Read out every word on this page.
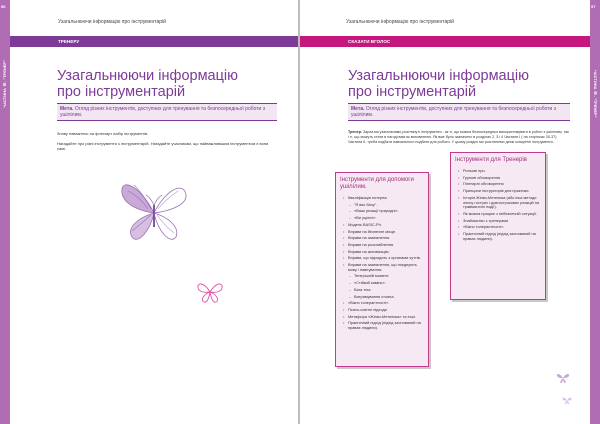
96
ЧАСТИНА Ⅲ. "ТРЕНЕР"
Узагальнюючи інформацію про інструментарій
ТРЕНЕРУ
Узагальнюючи інформацію
про інструментарій
Мета. Огляд різних інструментів, доступних для тренування та безпосередньої роботи з ушілілим.
Знову наважтесь на фліпчарт набір інструментів.
Нагадайте про різні інструменти з інструментарій. Нагадайте учасникам, що найважливішим інструментом є вони самі.
97
ЧАСТИНА Ⅲ. "ТРЕНЕР"
Узагальнюючи інформацію про інструментарій
СКАЗАТИ ВГОЛОС
Узагальнюючи інформацію
про інструментарій
Мета. Огляд різних інструментів, доступних для тренування та безпосередньої роботи з ушілілим.
Тренер. Зараз ми узагальнимо розглянуті інструменти - як ті, що можна безпосередньо використовувати в роботі з ушілілим, так і ті, що можуть стати в нагоді вам як вихователю. Як вже було зазначено в розділах 2, 3 і 4 Частини І ( на сторінках 30-37) Частина II, треба подбати навчального подбати для роботи. У цьому розділі ми розглянемо деякі конкретні інструменти.
Інструменти для допомоги ушілілим.
• Кваліфікація потерпа:
– "Я вас бачу".
– «Ваші реакції природні».
– «Ви уцілілі».
• Модель BASIC-Ph.
• Вправи на безпечне місце.
• Вправи на заземлення.
• Вправи на розслаблення.
• Вправи на активізацію.
• Вправи, що підходять з органами чуттів.
• Вправи на заземлення, що поєднують мову і навігування:
– Теперішній момент.
– «Стійкий камінь».
– Вага тіла.
– Витримування стояна.
• «Вікно толерантності».
• Психо-освітні підходи
• Метафора «Жінки-Метелика» та інші.
• Практичний підхід (підхід заснований на правах людини).
Інструменти для Тренерів
• Рольові ігри.
• Групові обговорення
• Пленарні обговорення
• Принципи інструкторів для практики.
• Історія Жінки-Метелика (або інші методи опису гострих і довгострокових реакцій на травматичні події).
• Як можна працює з небезпечній ситуації.
• Знайомство з тренерами
• «Вікно толерантності».
• Практичний підхід (підхід заснований на правах людини).
